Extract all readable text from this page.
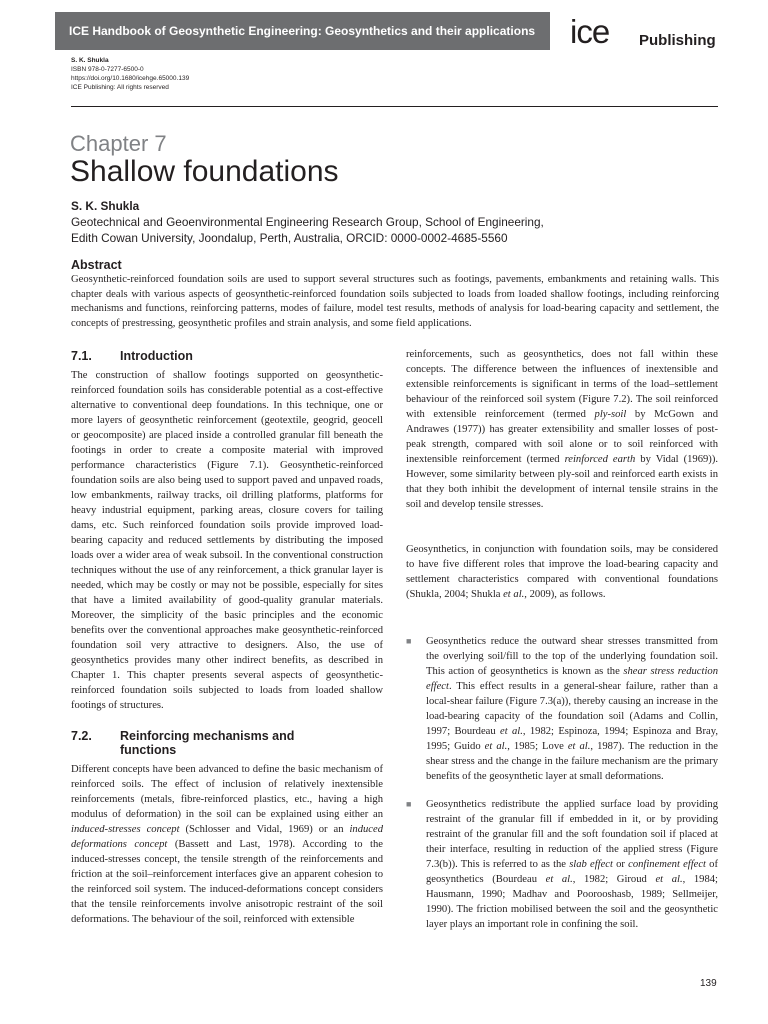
ICE Handbook of Geosynthetic Engineering: Geosynthetics and their applications	ice Publishing
S. K. Shukla
ISBN 978-0-7277-6500-0
https://doi.org/10.1680/icehge.65000.139
ICE Publishing: All rights reserved
Chapter 7
Shallow foundations
S. K. Shukla
Geotechnical and Geoenvironmental Engineering Research Group, School of Engineering,
Edith Cowan University, Joondalup, Perth, Australia, ORCID: 0000-0002-4685-5560
Abstract
Geosynthetic-reinforced foundation soils are used to support several structures such as footings, pavements, embankments and retaining walls. This chapter deals with various aspects of geosynthetic-reinforced foundation soils subjected to loads from loaded shallow footings, including reinforcing mechanisms and functions, reinforcing patterns, modes of failure, model test results, methods of analysis for load-bearing capacity and settlement, the concepts of prestressing, geosynthetic profiles and strain analysis, and some field applications.
7.1.	Introduction

The construction of shallow footings supported on geosynthetic-reinforced foundation soils has considerable potential as a cost-effective alternative to conventional deep foundations. In this technique, one or more layers of geosynthetic reinforcement (geotextile, geogrid, geocell or geocomposite) are placed inside a controlled granular fill beneath the footings in order to create a composite material with improved performance characteristics (Figure 7.1). Geosynthetic-reinforced foundation soils are also being used to support paved and unpaved roads, low embankments, railway tracks, oil drilling platforms, platforms for heavy industrial equipment, parking areas, closure covers for tailing dams, etc. Such reinforced foundation soils provide improved load-bearing capacity and reduced settlements by distributing the imposed loads over a wider area of weak subsoil. In the conventional construction techniques without the use of any reinforcement, a thick granular layer is needed, which may be costly or may not be possible, especially for sites that have a limited availability of good-quality granular materials. Moreover, the simplicity of the basic principles and the economic benefits over the conventional approaches make geosynthetic-reinforced foundation soil very attractive to designers. Also, the use of geosynthetics provides many other indirect benefits, as described in Chapter 1. This chapter presents several aspects of geosynthetic-reinforced foundation soils subjected to loads from loaded shallow footings of structures.

7.2.	Reinforcing mechanisms and
functions

Different concepts have been advanced to define the basic mechanism of reinforced soils. The effect of inclusion of relatively inextensible reinforcements (metals, fibre-reinforced plastics, etc., having a high modulus of deformation) in the soil can be explained using either an induced-stresses concept (Schlosser and Vidal, 1969) or an induced deformations concept (Bassett and Last, 1978). According to the induced-stresses concept, the tensile strength of the reinforcements and friction at the soil–reinforcement interfaces give an apparent cohesion to the reinforced soil system. The induced-deformations concept considers that the tensile reinforcements involve anisotropic restraint of the soil deformations. The behaviour of the soil, reinforced with extensible

reinforcements, such as geosynthetics, does not fall within these concepts. The difference between the influences of inextensible and extensible reinforcements is significant in terms of the load–settlement behaviour of the reinforced soil system (Figure 7.2). The soil reinforced with extensible reinforcement (termed ply-soil by McGown and Andrawes (1977)) has greater extensibility and smaller losses of post-peak strength, compared with soil alone or to soil reinforced with inextensible reinforcement (termed reinforced earth by Vidal (1969)). However, some similarity between ply-soil and reinforced earth exists in that they both inhibit the development of internal tensile strains in the soil and develop tensile stresses.

Geosynthetics, in conjunction with foundation soils, may be considered to have five different roles that improve the load-bearing capacity and settlement characteristics compared with conventional foundations (Shukla, 2004; Shukla et al., 2009), as follows.

■	Geosynthetics reduce the outward shear stresses transmitted from the overlying soil/fill to the top of the underlying foundation soil. This action of geosynthetics is known as the shear stress reduction effect. This effect results in a general-shear failure, rather than a local-shear failure (Figure 7.3(a)), thereby causing an increase in the load-bearing capacity of the foundation soil (Adams and Collin, 1997; Bourdeau et al., 1982; Espinoza, 1994; Espinoza and Bray, 1995; Guido et al., 1985; Love et al., 1987). The reduction in the shear stress and the change in the failure mechanism are the primary benefits of the geosynthetic layer at small deformations.

■	Geosynthetics redistribute the applied surface load by providing restraint of the granular fill if embedded in it, or by providing restraint of the granular fill and the soft foundation soil if placed at their interface, resulting in reduction of the applied stress (Figure 7.3(b)). This is referred to as the slab effect or confinement effect of geosynthetics (Bourdeau et al., 1982; Giroud et al., 1984; Hausmann, 1990; Madhav and Poorooshasb, 1989; Sellmeijer, 1990). The friction mobilised between the soil and the geosynthetic layer plays an important role in confining the soil.

139
